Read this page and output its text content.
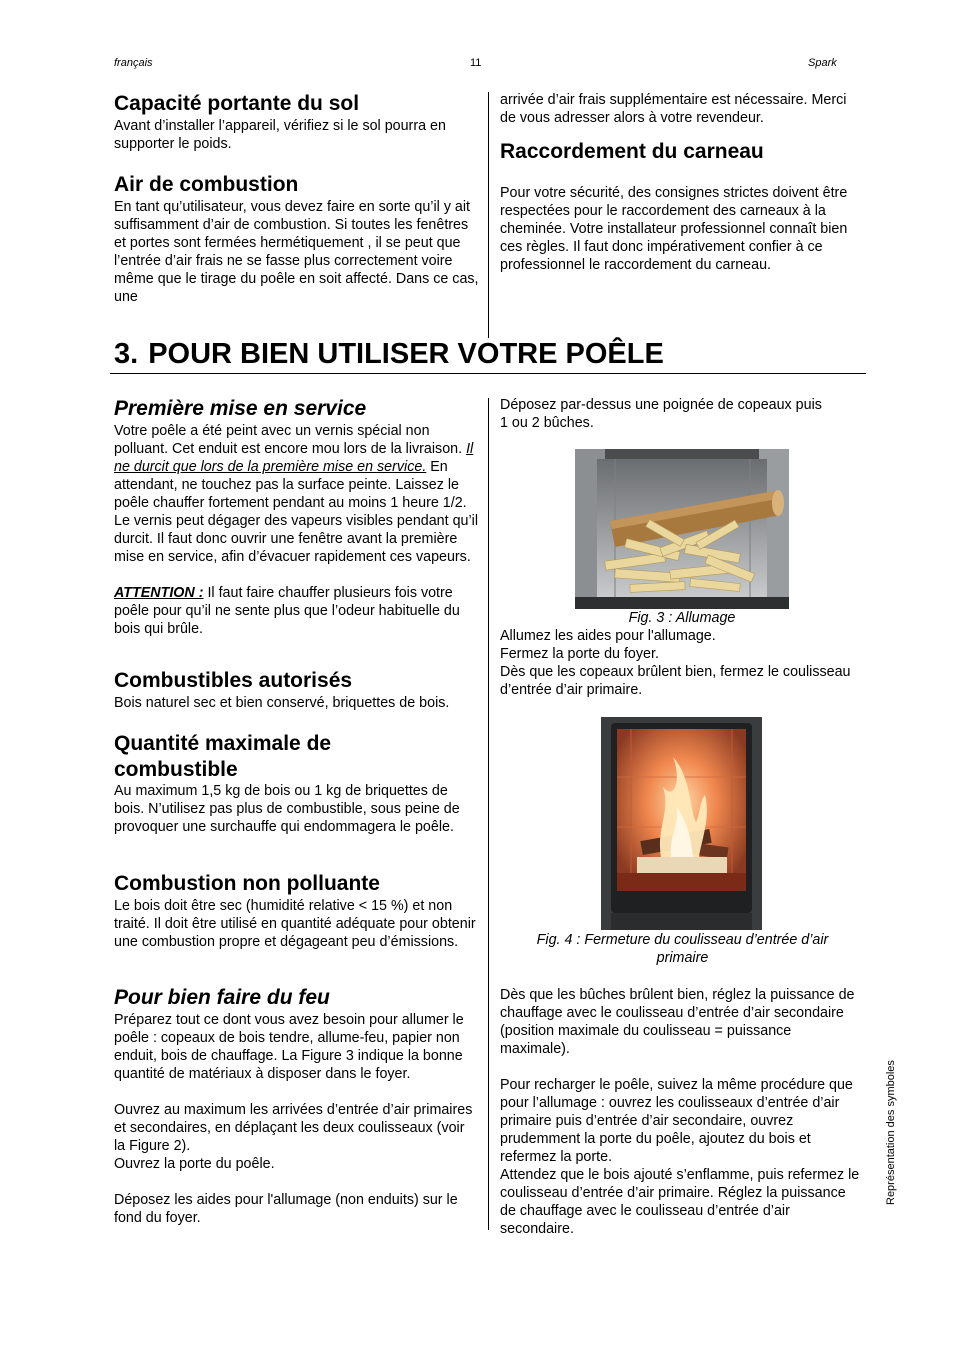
français	11	Spark
Capacité portante du sol

Avant d’installer l’appareil, vérifiez si le sol pourra en supporter le poids.

Air de combustion

En tant qu’utilisateur, vous devez faire en sorte qu’il y ait suffisamment d’air de combustion. Si toutes les fenêtres et portes sont fermées hermétiquement , il se peut que l’entrée d’air frais ne se fasse plus correctement voire même que le tirage du poêle en soit affecté. Dans ce cas, une

arrivée d’air frais supplémentaire est nécessaire. Merci de vous adresser alors à votre revendeur.

Raccordement du carneau

Pour votre sécurité, des consignes strictes doivent être respectées pour le raccordement des carneaux à la cheminée. Votre installateur professionnel connaît bien ces règles. Il faut donc impérativement confier à ce professionnel le raccordement du carneau.

3. POUR BIEN UTILISER VOTRE POÊLE
Première mise en service

Votre poêle a été peint avec un vernis spécial non polluant. Cet enduit est encore mou lors de la livraison. Il ne durcit que lors de la première mise en service. En attendant, ne touchez pas la surface peinte. Laissez le poêle chauffer fortement pendant au moins 1 heure 1/2. Le vernis peut dégager des vapeurs visibles pendant qu’il durcit. Il faut donc ouvrir une fenêtre avant la première mise en service, afin d’évacuer rapidement ces vapeurs.

ATTENTION : Il faut faire chauffer plusieurs fois votre poêle pour qu’il ne sente plus que l’odeur habituelle du bois qui brûle.

Combustibles autorisés

Bois naturel sec et bien conservé, briquettes de bois.

Quantité maximale de combustible

Au maximum 1,5 kg de bois ou 1 kg de briquettes de bois. N’utilisez pas plus de combustible, sous peine de provoquer une surchauffe qui endommagera le poêle.

Combustion non polluante

Le bois doit être sec (humidité relative < 15 %) et non traité. Il doit être utilisé en quantité adéquate pour obtenir une combustion propre et dégageant peu d’émissions.

Pour bien faire du feu

Préparez tout ce dont vous avez besoin pour allumer le poêle : copeaux de bois tendre, allume-feu, papier non enduit, bois de chauffage. La Figure 3 indique la bonne quantité de matériaux à disposer dans le foyer.

Ouvrez au maximum les arrivées d’entrée d’air primaires et secondaires, en déplaçant les deux coulisseaux (voir la Figure 2).

Ouvrez la porte du poêle.

Déposez les aides pour l'allumage (non enduits) sur le fond du foyer.

Déposez par-dessus une poignée de copeaux puis 1 ou 2 bûches.

Fig. 3 : Allumage

Allumez les aides pour l'allumage.

Fermez la porte du foyer.

Dès que les copeaux brûlent bien, fermez le coulisseau d’entrée d’air primaire.

Fig. 4 : Fermeture du coulisseau d’entrée d’air primaire

Dès que les bûches brûlent bien, réglez la puissance de chauffage avec le coulisseau d’entrée d’air secondaire (position maximale du coulisseau = puissance maximale).

Pour recharger le poêle, suivez la même procédure que pour l’allumage : ouvrez les coulisseaux d’entrée d’air primaire puis d’entrée d’air secondaire, ouvrez prudemment la porte du poêle, ajoutez du bois et refermez la porte.

Attendez que le bois ajouté s’enflamme, puis refermez le coulisseau d’entrée d’air primaire. Réglez la puissance de chauffage avec le coulisseau d’entrée d’air secondaire.

Représentation des symboles
